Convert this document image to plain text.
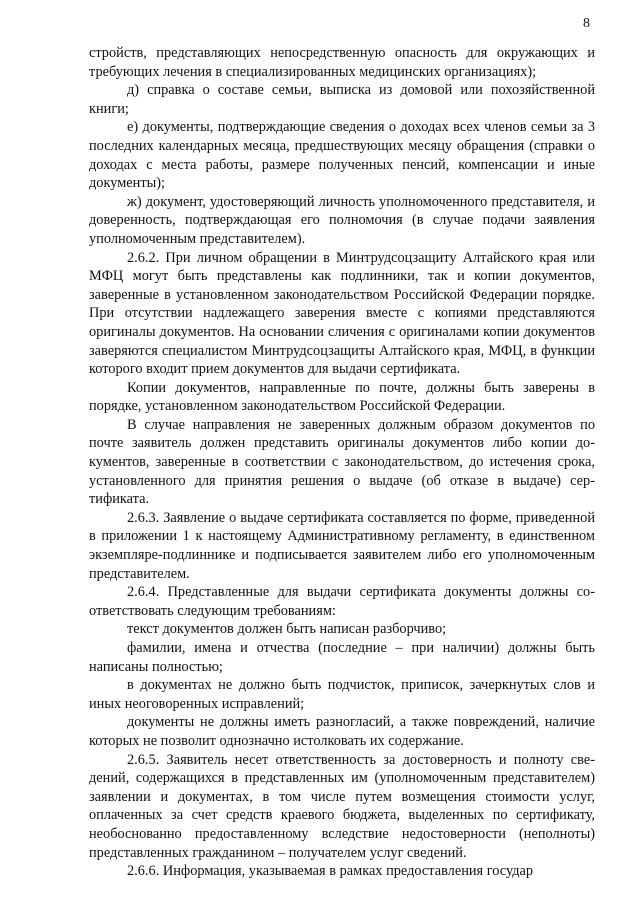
8

стройств, представляющих непосредственную опасность для окружающих и требующих лечения в специализированных медицинских организациях);

д) справка о составе семьи, выписка из домовой или похозяйственной книги;

е) документы, подтверждающие сведения о доходах всех членов семьи за 3 последних календарных месяца, предшествующих месяцу обращения (справки о доходах с места работы, размере полученных пенсий, компенсации и иные документы);

ж) документ, удостоверяющий личность уполномоченного представителя, и доверенность, подтверждающая его полномочия (в случае подачи заявления уполномоченным представителем).

2.6.2. При личном обращении в Минтрудсоцзащиту Алтайского края или МФЦ могут быть представлены как подлинники, так и копии документов, заверенные в установленном законодательством Российской Федерации порядке. При отсутствии надлежащего заверения вместе с копиями представляются оригиналы документов. На основании сличения с оригиналами копии документов заверяются специалистом Минтрудсоцзащиты Алтайского края, МФЦ, в функции которого входит прием документов для выдачи сертификата.

Копии документов, направленные по почте, должны быть заверены в порядке, установленном законодательством Российской Федерации.

В случае направления не заверенных должным образом документов по почте заявитель должен представить оригиналы документов либо копии документов, заверенные в соответствии с законодательством, до истечения срока, установленного для принятия решения о выдаче (об отказе в выдаче) сертификата.

2.6.3. Заявление о выдаче сертификата составляется по форме, приведенной в приложении 1 к настоящему Административному регламенту, в единственном экземпляре-подлиннике и подписывается заявителем либо его уполномоченным представителем.

2.6.4. Представленные для выдачи сертификата документы должны соответствовать следующим требованиям:

текст документов должен быть написан разборчиво;

фамилии, имена и отчества (последние – при наличии) должны быть написаны полностью;

в документах не должно быть подчисток, приписок, зачеркнутых слов и иных неоговоренных исправлений;

документы не должны иметь разногласий, а также повреждений, наличие которых не позволит однозначно истолковать их содержание.

2.6.5. Заявитель несет ответственность за достоверность и полноту сведений, содержащихся в представленных им (уполномоченным представителем) заявлении и документах, в том числе путем возмещения стоимости услуг, оплаченных за счет средств краевого бюджета, выделенных по сертификату, необоснованно предоставленному вследствие недостоверности (неполноты) представленных гражданином – получателем услуг сведений.

2.6.6. Информация, указываемая в рамках предоставления государ
